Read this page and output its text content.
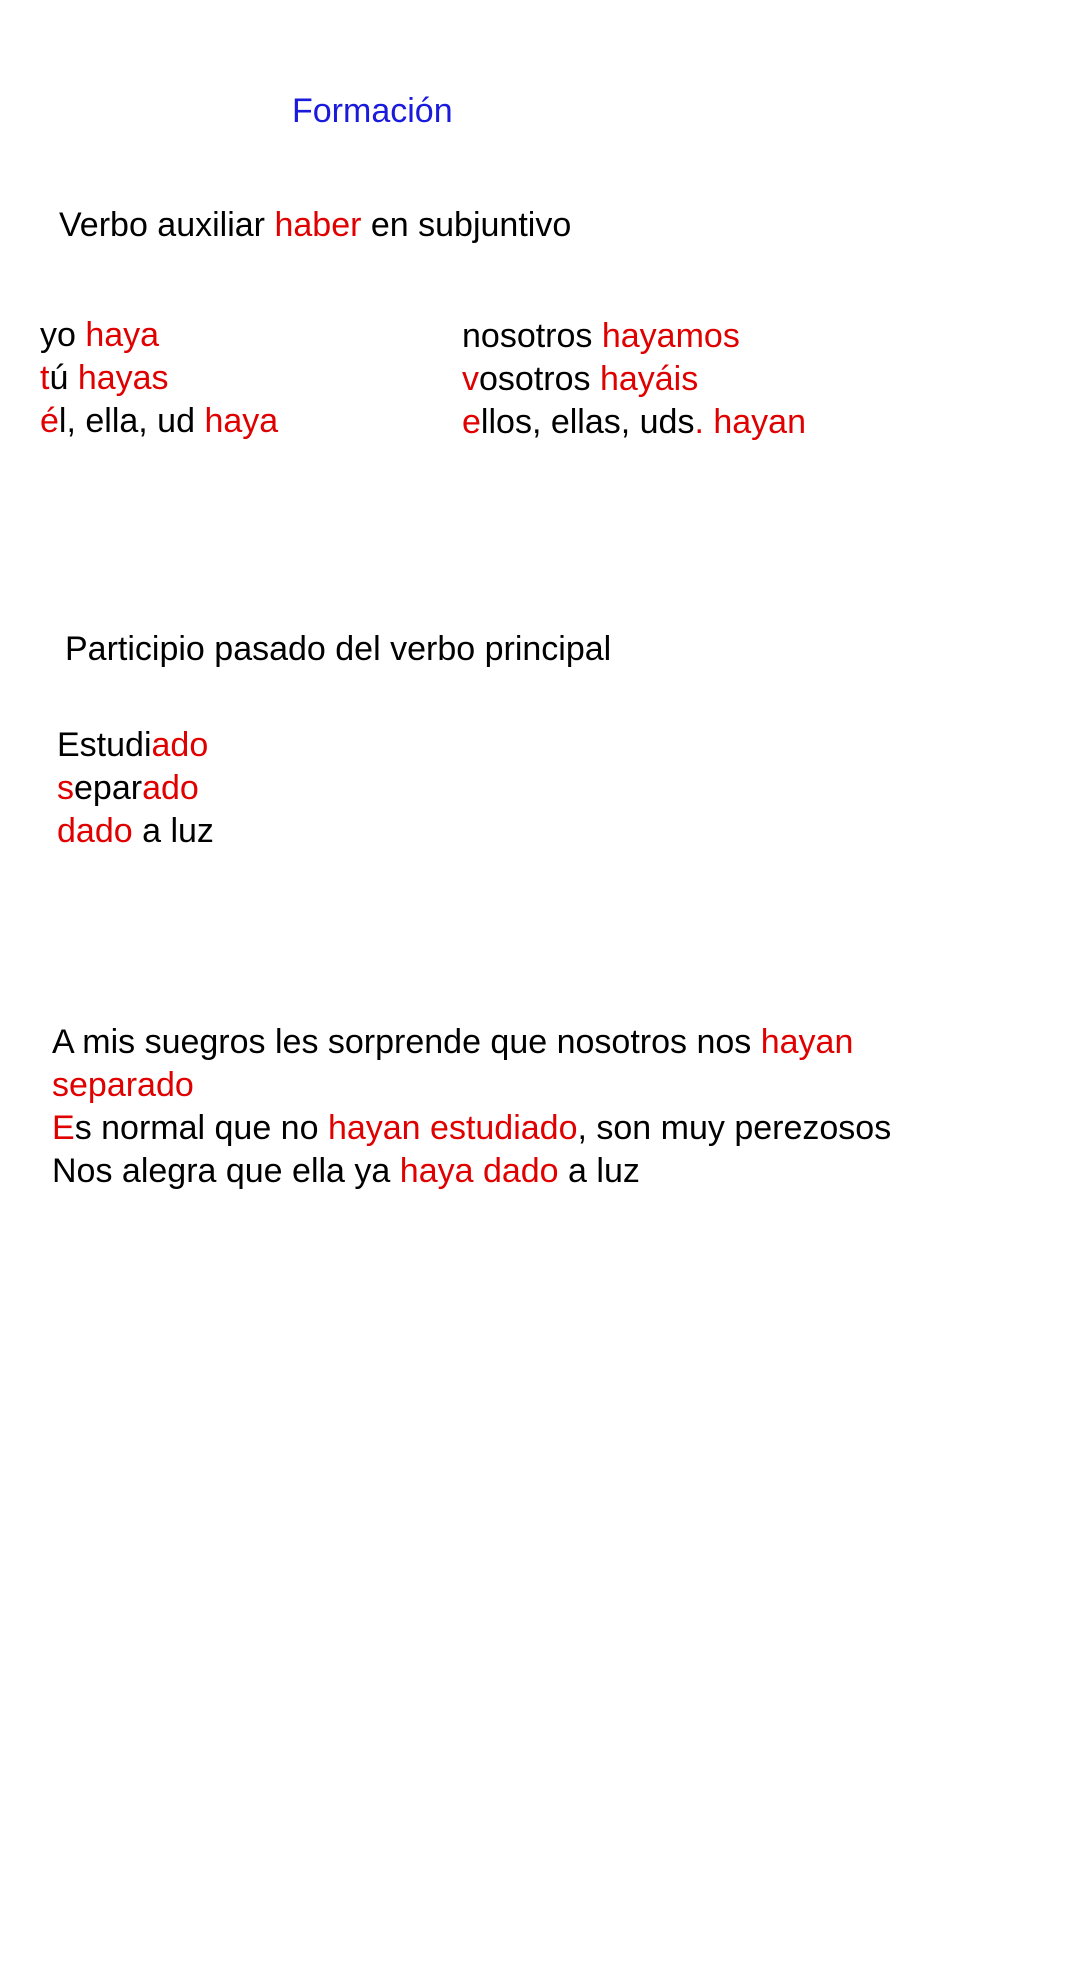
Formación
Verbo auxiliar haber en subjuntivo
yo haya
tú hayas
él, ella, ud haya
nosotros hayamos
vosotros hayáis
ellos, ellas, uds. hayan
Participio pasado del verbo principal
Estudiado
separado
dado a luz
A mis suegros les sorprende que nosotros nos hayan
separado
Es normal que no hayan estudiado, son muy perezosos
Nos alegra que ella ya haya dado a luz
